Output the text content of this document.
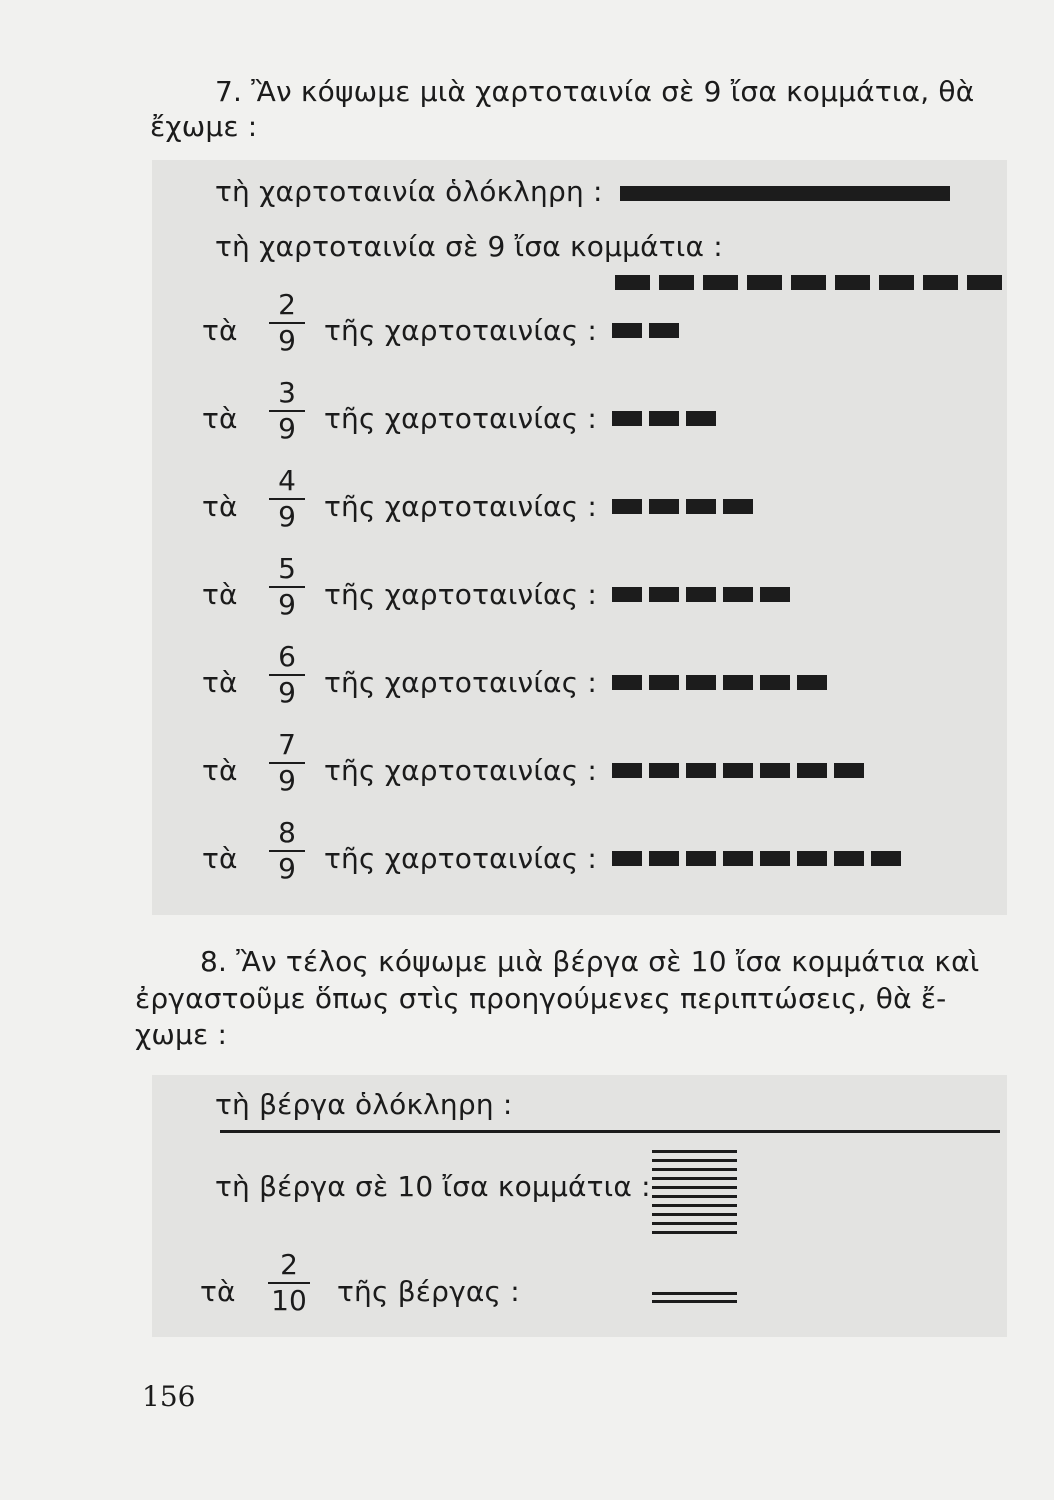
7. Ἂν κόψωμε μιὰ χαρτοταινία σὲ 9 ἴσα κομμάτια, θὰ
ἔχωμε :
τὴ χαρτοταινία ὁλόκληρη :
τὴ χαρτοταινία σὲ 9 ἴσα κομμάτια :
τὰ
2
9	τῆς χαρτοταινίας :
τὰ
3
9	τῆς χαρτοταινίας :
τὰ
4
9	τῆς χαρτοταινίας :
τὰ
5
9	τῆς χαρτοταινίας :
τὰ
6
9	τῆς χαρτοταινίας :
τὰ
7
9	τῆς χαρτοταινίας :
τὰ
8
9	τῆς χαρτοταινίας :
8. Ἂν τέλος κόψωμε μιὰ βέργα σὲ 10 ἴσα κομμάτια καὶ
ἐργαστοῦμε ὅπως στὶς προηγούμενες περιπτώσεις, θὰ ἔ-
χωμε :
τὴ βέργα ὁλόκληρη :
τὴ βέργα σὲ 10 ἴσα κομμάτια :
τὰ
2
10 τῆς βέργας :
156
